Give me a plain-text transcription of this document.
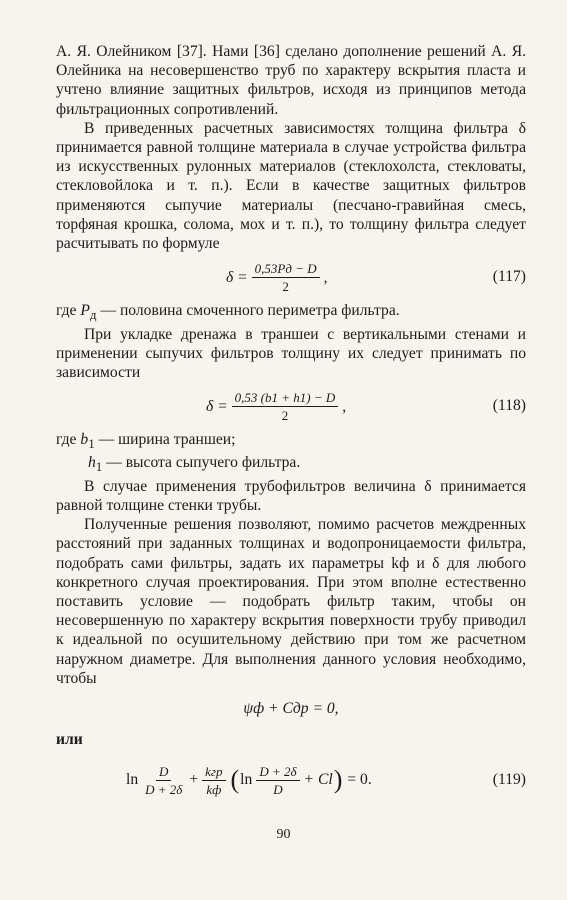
А. Я. Олейником [37]. Нами [36] сделано дополнение решений А. Я. Олейника на несовершенство труб по характеру вскрытия пласта и учтено влияние защитных фильтров, исходя из принципов метода фильтрационных сопротивлений.

В приведенных расчетных зависимостях толщина фильтра δ принимается равной толщине материала в случае устройства фильтра из искусственных рулонных материалов (стеклохолста, стекловаты, стекловойлока и т. п.). Если в качестве защитных фильтров применяются сыпучие материалы (песчано-гравийная смесь, торфяная крошка, солома, мох и т. п.), то толщину фильтра следует расчитывать по формуле

$\delta = \frac{0,53Pд - D}{2}$ ,	(117)

где $P_д$ — половина смоченного периметра фильтра.

При укладке дренажа в траншеи с вертикальными стенами и применении сыпучих фильтров толщину их следует принимать по зависимости

$\delta = \frac{0,53 (b1 + h1) - D}{2}$ ,	(118)

где $b_1$ — ширина траншеи;

$h_1$ — высота сыпучего фильтра.

В случае применения трубофильтров величина δ принимается равной толщине стенки трубы.

Полученные решения позволяют, помимо расчетов междренных расстояний при заданных толщинах и водопроницаемости фильтра, подобрать сами фильтры, задать их параметры kф и δ для любого конкретного случая проектирования. При этом вполне естественно поставить условие — подобрать фильтр таким, чтобы он несовершенную по характеру вскрытия поверхности трубу приводил к идеальной по осушительному действию при том же расчетном наружном диаметре. Для выполнения данного условия необходимо, чтобы

ψф + Cдр = 0,
или
$\ln \frac{D}{D + 2\delta} + \frac{\text{kгр}}{kф}$ ( $\ln \frac{D + 2\delta}{D} + Cl$ ) = 0.	(119)
90
